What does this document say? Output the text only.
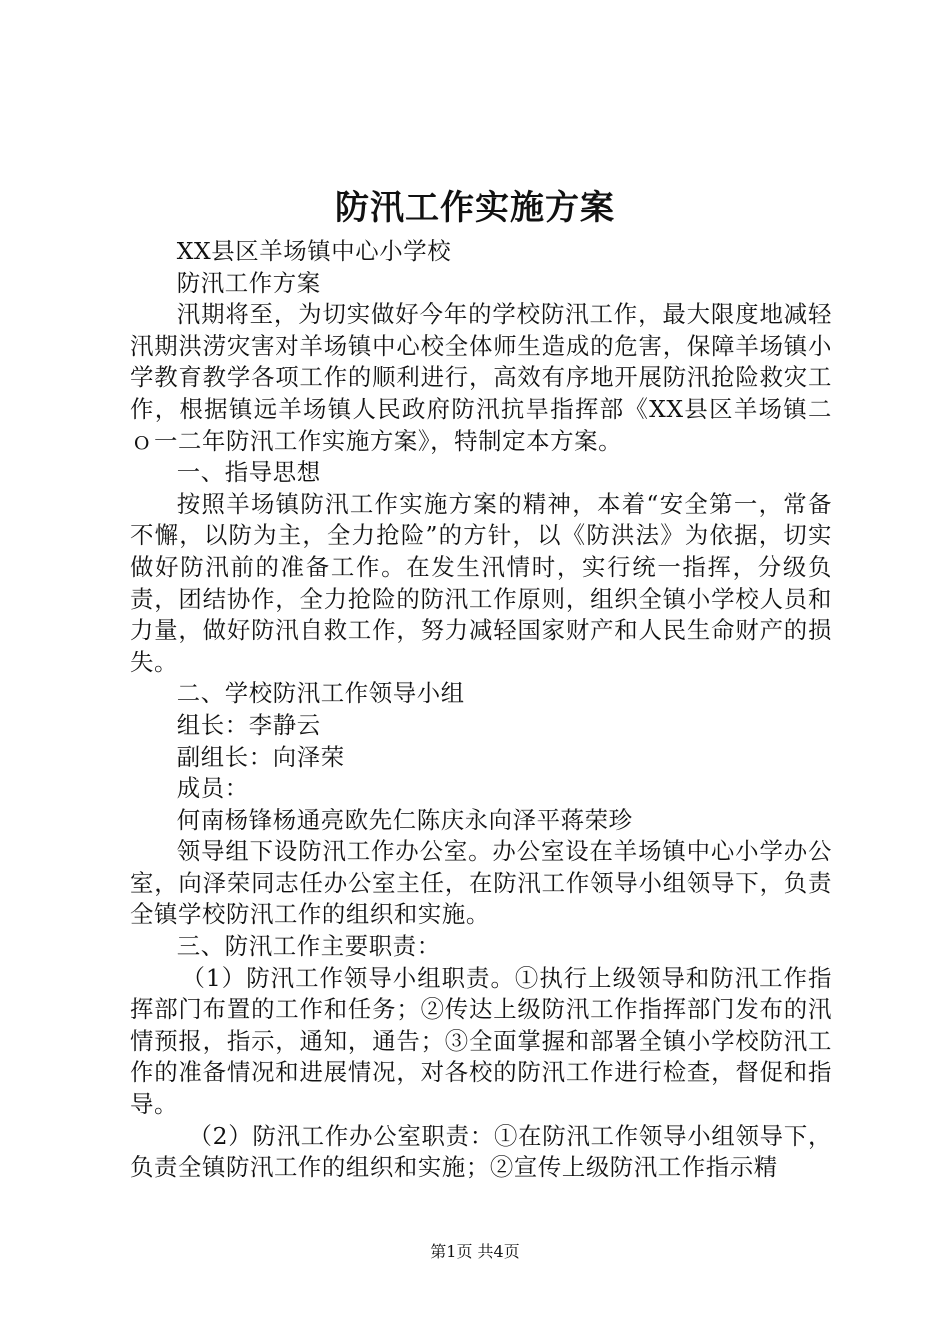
防汛工作实施方案

XX县区羊场镇中心小学校

防汛工作方案

汛期将至，为切实做好今年的学校防汛工作，最大限度地减轻汛期洪涝灾害对羊场镇中心校全体师生造成的危害，保障羊场镇小学教育教学各项工作的顺利进行，高效有序地开展防汛抢险救灾工作，根据镇远羊场镇人民政府防汛抗旱指挥部《XX县区羊场镇二ｏ一二年防汛工作实施方案》，特制定本方案。

一、指导思想

按照羊场镇防汛工作实施方案的精神，本着“安全第一，常备不懈，以防为主，全力抢险”的方针，以《防洪法》为依据，切实做好防汛前的准备工作。在发生汛情时，实行统一指挥，分级负责，团结协作，全力抢险的防汛工作原则，组织全镇小学校人员和力量，做好防汛自救工作，努力减轻国家财产和人民生命财产的损失。

二、学校防汛工作领导小组

组长：李静云

副组长：向泽荣

成员：

何南杨锋杨通亮欧先仁陈庆永向泽平蒋荣珍

领导组下设防汛工作办公室。办公室设在羊场镇中心小学办公室，向泽荣同志任办公室主任，在防汛工作领导小组领导下，负责全镇学校防汛工作的组织和实施。

三、防汛工作主要职责：

（1）防汛工作领导小组职责。①执行上级领导和防汛工作指挥部门布置的工作和任务；②传达上级防汛工作指挥部门发布的汛情预报，指示，通知，通告；③全面掌握和部署全镇小学校防汛工作的准备情况和进展情况，对各校的防汛工作进行检查，督促和指导。

（2）防汛工作办公室职责：①在防汛工作领导小组领导下，负责全镇防汛工作的组织和实施；②宣传上级防汛工作指示精

第1页 共4页
